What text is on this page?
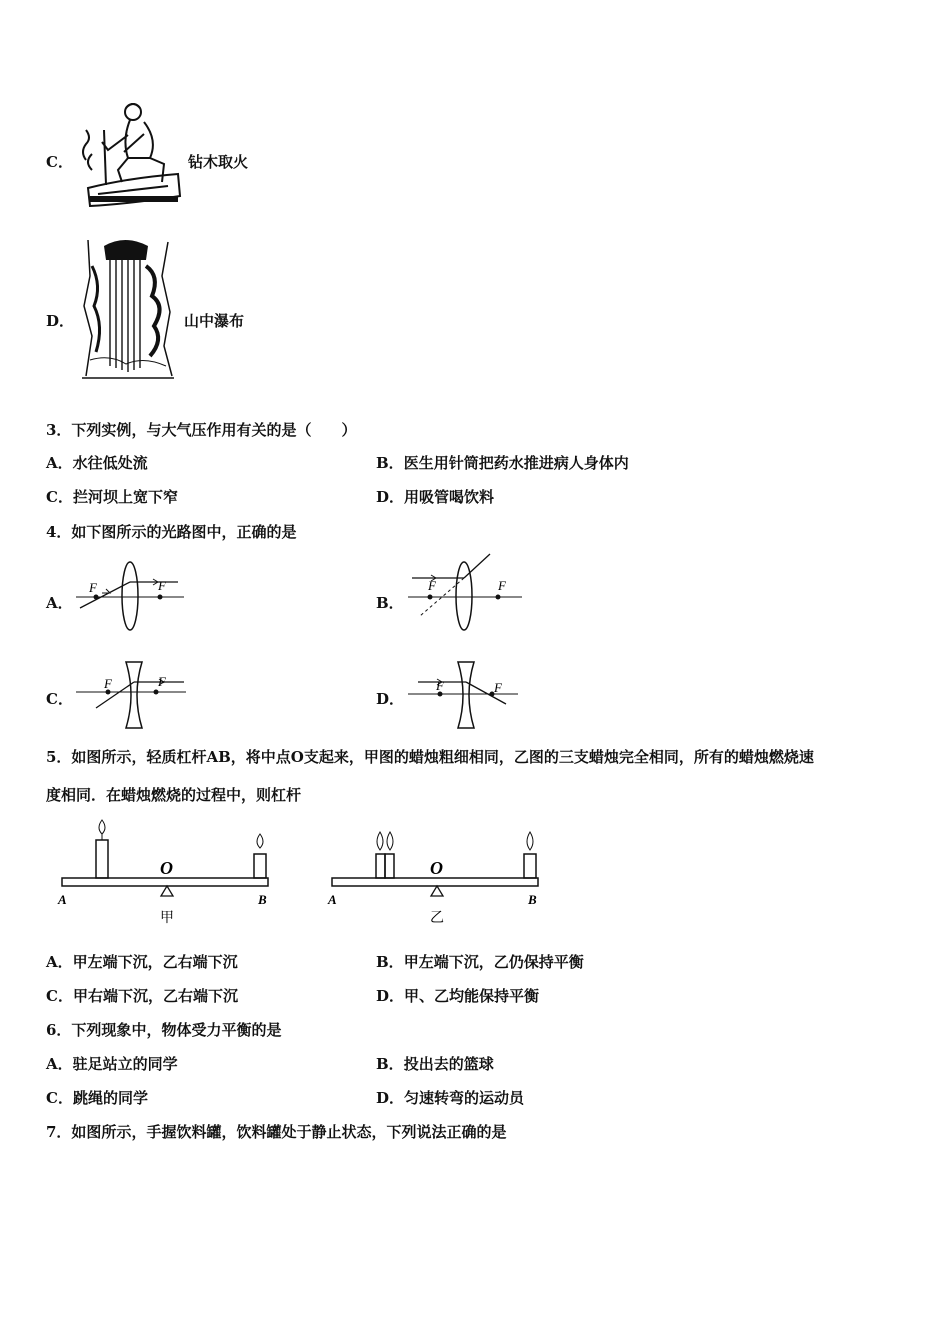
C．	钻木取火
D．	山中瀑布
3．下列实例，与大气压作用有关的是（　　）
A．水往低处流	B．医生用针筒把药水推进病人身体内
C．拦河坝上宽下窄	D．用吸管喝饮料
4．如下图所示的光路图中，正确的是
A．
F	F
B．
F	F
C．
F	F
D．
F	F
5．如图所示，轻质杠杆AB，将中点O支起来，甲图的蜡烛粗细相同，乙图的三支蜡烛完全相同，所有的蜡烛燃烧速
度相同．在蜡烛燃烧的过程中，则杠杆
O
A	B
甲
O
A	B
乙
A．甲左端下沉，乙右端下沉	B．甲左端下沉，乙仍保持平衡
C．甲右端下沉，乙右端下沉	D．甲、乙均能保持平衡
6．下列现象中，物体受力平衡的是
A．驻足站立的同学	B．投出去的篮球
C．跳绳的同学	D．匀速转弯的运动员
7．如图所示，手握饮料罐，饮料罐处于静止状态，下列说法正确的是
